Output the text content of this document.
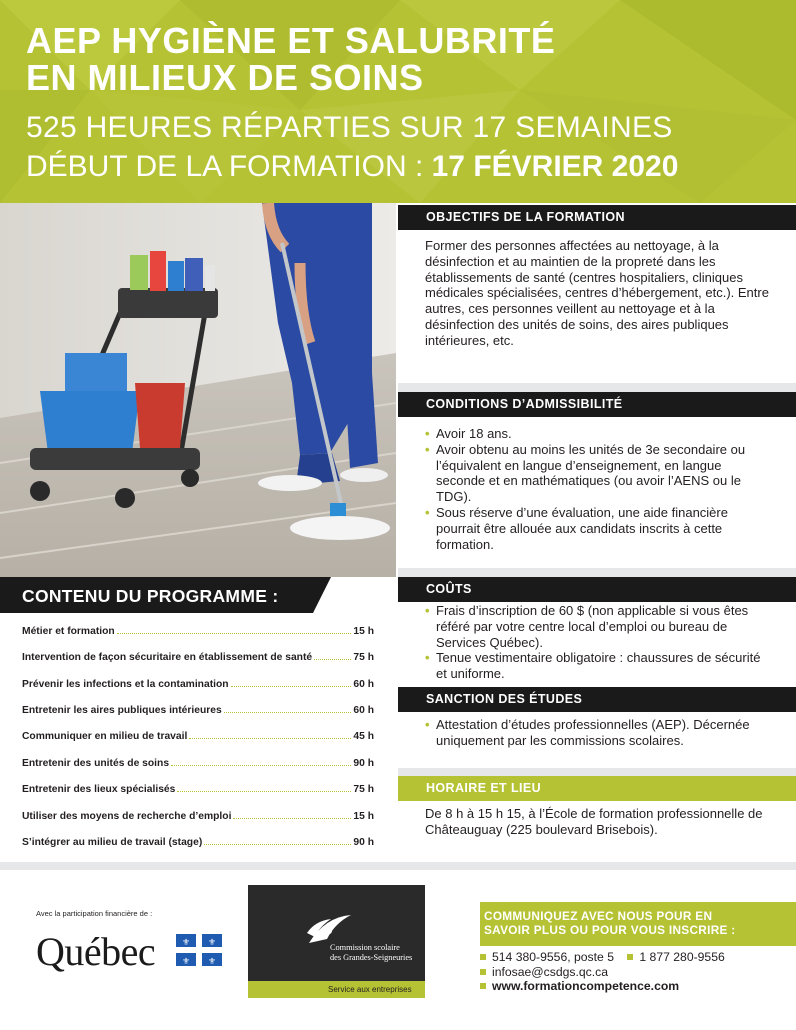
AEP HYGIÈNE ET SALUBRITÉ
EN MILIEUX DE SOINS
525 HEURES RÉPARTIES SUR 17 SEMAINES
DÉBUT DE LA FORMATION : 17 FÉVRIER 2020
OBJECTIFS DE LA FORMATION
Former des personnes affectées au nettoyage, à la désinfection et au maintien de la propreté dans les établissements de santé (centres hospitaliers, cliniques médicales spécialisées, centres d’hébergement, etc.). Entre autres, ces personnes veillent au nettoyage et à la désinfection des unités de soins, des aires publiques intérieures, etc.
CONDITIONS D’ADMISSIBILITÉ
• Avoir 18 ans.
• Avoir obtenu au moins les unités de 3e secondaire ou l’équivalent en langue d’enseignement, en langue seconde et en mathématiques (ou avoir l’AENS ou le TDG).
• Sous réserve d’une évaluation, une aide financière pourrait être allouée aux candidats inscrits à cette formation.
COÛTS
• Frais d’inscription de 60 $ (non applicable si vous êtes référé par votre centre local d’emploi ou bureau de Services Québec).
• Tenue vestimentaire obligatoire : chaussures de sécurité et uniforme.
SANCTION DES ÉTUDES
• Attestation d’études professionnelles (AEP). Décernée uniquement par les commissions scolaires.
HORAIRE ET LIEU
De 8 h à 15 h 15, à l’École de formation professionnelle de Châteauguay (225 boulevard Brisebois).
CONTENU DU PROGRAMME :
Métier et formation	15 h
Intervention de façon sécuritaire en établissement de santé	75 h
Prévenir les infections et la contamination	60 h
Entretenir les aires publiques intérieures	60 h
Communiquer en milieu de travail	45 h
Entretenir des unités de soins	90 h
Entretenir des lieux spécialisés	75 h
Utiliser des moyens de recherche d’emploi	15 h
S’intégrer au milieu de travail (stage)	90 h
Avec la participation financière de :
Québec	⚜ ⚜
⚜ ⚜
Commission scolaire
des Grandes-Seigneuries
Service aux entreprises
COMMUNIQUEZ AVEC NOUS POUR EN
SAVOIR PLUS OU POUR VOUS INSCRIRE :
514 380-9556, poste 5 1 877 280-9556
infosae@csdgs.qc.ca
www.formationcompetence.com
